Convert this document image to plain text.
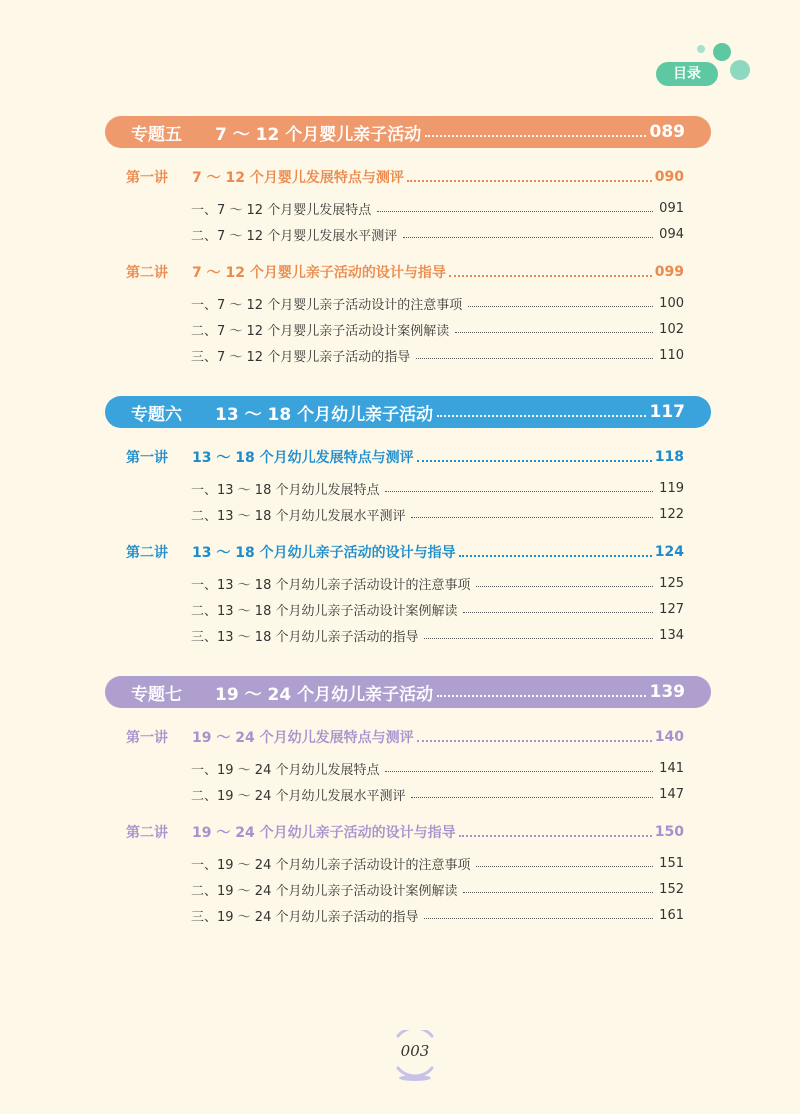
目录
专题五	7 ～ 12 个月婴儿亲子活动	089
第一讲	7 ～ 12 个月婴儿发展特点与测评	090
一、7 ～ 12 个月婴儿发展特点	091
二、7 ～ 12 个月婴儿发展水平测评	094
第二讲	7 ～ 12 个月婴儿亲子活动的设计与指导	099
一、7 ～ 12 个月婴儿亲子活动设计的注意事项	100
二、7 ～ 12 个月婴儿亲子活动设计案例解读	102
三、7 ～ 12 个月婴儿亲子活动的指导	110
专题六	13 ～ 18 个月幼儿亲子活动	117
第一讲	13 ～ 18 个月幼儿发展特点与测评	118
一、13 ～ 18 个月幼儿发展特点	119
二、13 ～ 18 个月幼儿发展水平测评	122
第二讲	13 ～ 18 个月幼儿亲子活动的设计与指导	124
一、13 ～ 18 个月幼儿亲子活动设计的注意事项	125
二、13 ～ 18 个月幼儿亲子活动设计案例解读	127
三、13 ～ 18 个月幼儿亲子活动的指导	134
专题七	19 ～ 24 个月幼儿亲子活动	139
第一讲	19 ～ 24 个月幼儿发展特点与测评	140
一、19 ～ 24 个月幼儿发展特点	141
二、19 ～ 24 个月幼儿发展水平测评	147
第二讲	19 ～ 24 个月幼儿亲子活动的设计与指导	150
一、19 ～ 24 个月幼儿亲子活动设计的注意事项	151
二、19 ～ 24 个月幼儿亲子活动设计案例解读	152
三、19 ～ 24 个月幼儿亲子活动的指导	161
003
